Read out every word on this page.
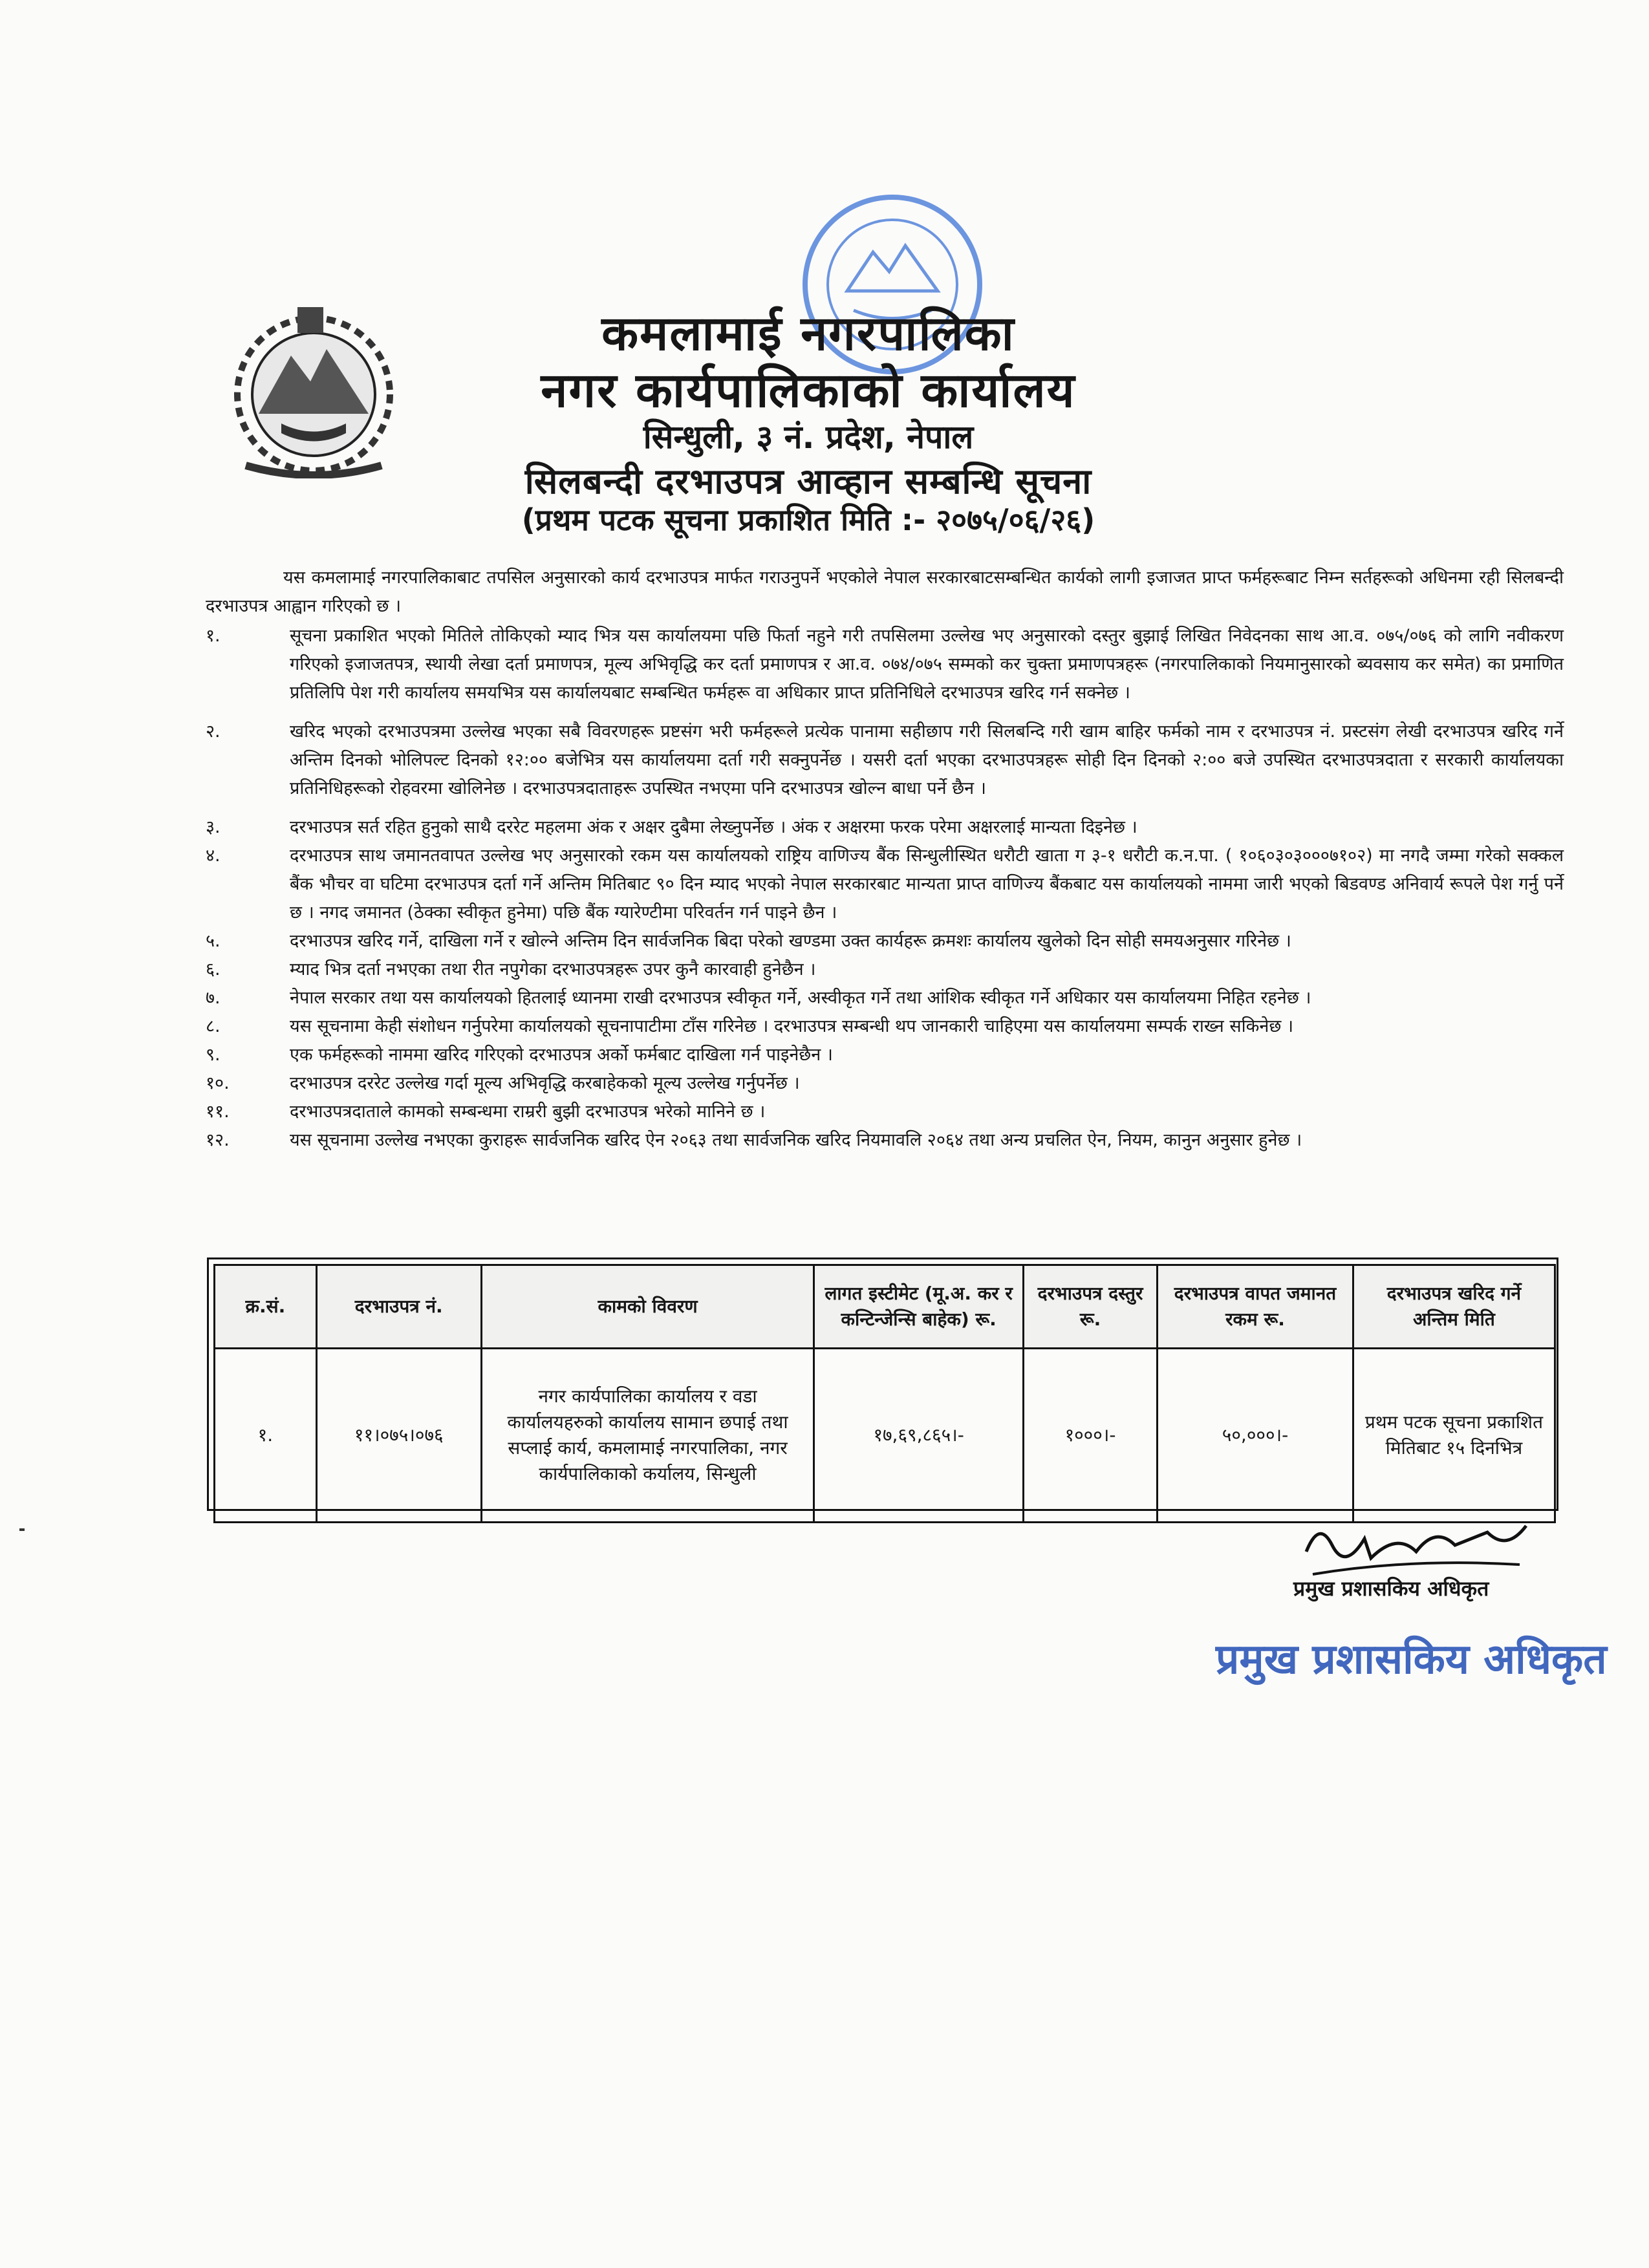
कमलामाई नगरपालिका
नगर कार्यपालिकाको कार्यालय
सिन्धुली, ३ नं. प्रदेश, नेपाल
सिलबन्दी दरभाउपत्र आव्हान सम्बन्धि सूचना
(प्रथम पटक सूचना प्रकाशित मिति :- २०७५/०६/२६)
यस कमलामाई नगरपालिकाबाट तपसिल अनुसारको कार्य दरभाउपत्र मार्फत गराउनुपर्ने भएकोले नेपाल सरकारबाटसम्बन्धित कार्यको लागी इजाजत प्राप्त फर्महरूबाट निम्न सर्तहरूको अधिनमा रही सिलबन्दी दरभाउपत्र आह्वान गरिएको छ ।
१.	सूचना प्रकाशित भएको मितिले तोकिएको म्याद भित्र यस कार्यालयमा पछि फिर्ता नहुने गरी तपसिलमा उल्लेख भए अनुसारको दस्तुर बुझाई लिखित निवेदनका साथ आ.व. ०७५/०७६ को लागि नवीकरण गरिएको इजाजतपत्र, स्थायी लेखा दर्ता प्रमाणपत्र, मूल्य अभिवृद्धि कर दर्ता प्रमाणपत्र र आ.व. ०७४/०७५ सम्मको कर चुक्ता प्रमाणपत्रहरू (नगरपालिकाको नियमानुसारको ब्यवसाय कर समेत) का प्रमाणित प्रतिलिपि पेश गरी कार्यालय समयभित्र यस कार्यालयबाट सम्बन्धित फर्महरू वा अधिकार प्राप्त प्रतिनिधिले दरभाउपत्र खरिद गर्न सक्नेछ ।
२.	खरिद भएको दरभाउपत्रमा उल्लेख भएका सबै विवरणहरू प्रष्टसंग भरी फर्महरूले प्रत्येक पानामा सहीछाप गरी सिलबन्दि गरी खाम बाहिर फर्मको नाम र दरभाउपत्र नं. प्रस्टसंग लेखी दरभाउपत्र खरिद गर्ने अन्तिम दिनको भोलिपल्ट दिनको १२:०० बजेभित्र यस कार्यालयमा दर्ता गरी सक्नुपर्नेछ । यसरी दर्ता भएका दरभाउपत्रहरू सोही दिन दिनको २:०० बजे उपस्थित दरभाउपत्रदाता र सरकारी कार्यालयका प्रतिनिधिहरूको रोहवरमा खोलिनेछ । दरभाउपत्रदाताहरू उपस्थित नभएमा पनि दरभाउपत्र खोल्न बाधा पर्ने छैन ।
३.	दरभाउपत्र सर्त रहित हुनुको साथै दररेट महलमा अंक र अक्षर दुबैमा लेख्नुपर्नेछ । अंक र अक्षरमा फरक परेमा अक्षरलाई मान्यता दिइनेछ ।
४.	दरभाउपत्र साथ जमानतवापत उल्लेख भए अनुसारको रकम यस कार्यालयको राष्ट्रिय वाणिज्य बैंक सिन्धुलीस्थित धरौटी खाता ग ३-१ धरौटी क.न.पा. ( १०६०३०३०००७१०२) मा नगदै जम्मा गरेको सक्कल बैंक भौचर वा घटिमा दरभाउपत्र दर्ता गर्ने अन्तिम मितिबाट ९० दिन म्याद भएको नेपाल सरकारबाट मान्यता प्राप्त वाणिज्य बैंकबाट यस कार्यालयको नाममा जारी भएको बिडवण्ड अनिवार्य रूपले पेश गर्नु पर्ने छ । नगद जमानत (ठेक्का स्वीकृत हुनेमा) पछि बैंक ग्यारेण्टीमा परिवर्तन गर्न पाइने छैन ।
५.	दरभाउपत्र खरिद गर्ने, दाखिला गर्ने र खोल्ने अन्तिम दिन सार्वजनिक बिदा परेको खण्डमा उक्त कार्यहरू क्रमशः कार्यालय खुलेको दिन सोही समयअनुसार गरिनेछ ।
६.	म्याद भित्र दर्ता नभएका तथा रीत नपुगेका दरभाउपत्रहरू उपर कुनै कारवाही हुनेछैन ।
७.	नेपाल सरकार तथा यस कार्यालयको हितलाई ध्यानमा राखी दरभाउपत्र स्वीकृत गर्ने, अस्वीकृत गर्ने तथा आंशिक स्वीकृत गर्ने अधिकार यस कार्यालयमा निहित रहनेछ ।
८.	यस सूचनामा केही संशोधन गर्नुपरेमा कार्यालयको सूचनापाटीमा टाँस गरिनेछ । दरभाउपत्र सम्बन्धी थप जानकारी चाहिएमा यस कार्यालयमा सम्पर्क राख्न सकिनेछ ।
९.	एक फर्महरूको नाममा खरिद गरिएको दरभाउपत्र अर्को फर्मबाट दाखिला गर्न पाइनेछैन ।
१०.	दरभाउपत्र दररेट उल्लेख गर्दा मूल्य अभिवृद्धि करबाहेकको मूल्य उल्लेख गर्नुपर्नेछ ।
११.	दरभाउपत्रदाताले कामको सम्बन्धमा राम्ररी बुझी दरभाउपत्र भरेको मानिने छ ।
१२.	यस सूचनामा उल्लेख नभएका कुराहरू सार्वजनिक खरिद ऐन २०६३ तथा सार्वजनिक खरिद नियमावलि २०६४ तथा अन्य प्रचलित ऐन, नियम, कानुन अनुसार हुनेछ ।
क्र.सं.	दरभाउपत्र नं.	कामको विवरण	लागत इस्टीमेट (मू.अ. कर र कन्टिन्जेन्सि बाहेक) रू.	दरभाउपत्र दस्तुर रू.	दरभाउपत्र वापत जमानत रकम रू.	दरभाउपत्र खरिद गर्ने अन्तिम मिति
१.	११।०७५।०७६	नगर कार्यपालिका कार्यालय र वडा कार्यालयहरुको कार्यालय सामान छपाई तथा सप्लाई कार्य, कमलामाई नगरपालिका, नगर कार्यपालिकाको कर्यालय, सिन्धुली	१७,६९,८६५।-	१०००।-	५०,०००।-	प्रथम पटक सूचना प्रकाशित मितिबाट १५ दिनभित्र
प्रमुख प्रशासकिय अधिकृत
प्रमुख प्रशासकिय अधिकृत
